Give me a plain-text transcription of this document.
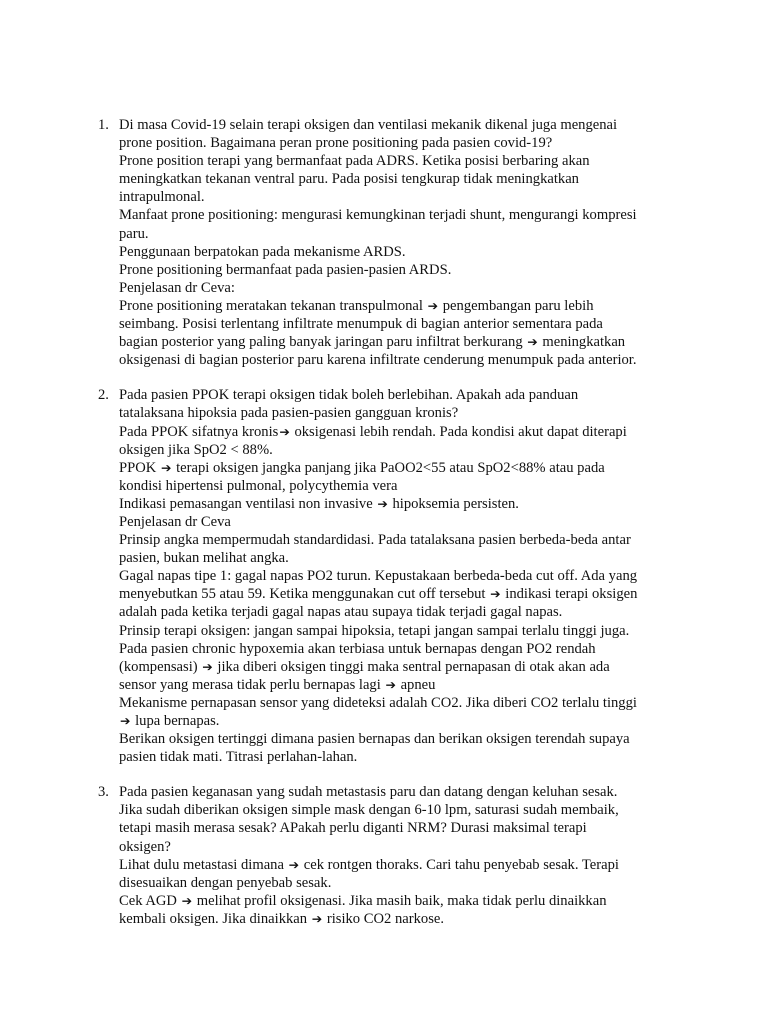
1. Di masa Covid-19 selain terapi oksigen dan ventilasi mekanik dikenal juga mengenai
prone position. Bagaimana peran prone positioning pada pasien covid-19?
Prone position terapi yang bermanfaat pada ADRS. Ketika posisi berbaring akan
meningkatkan tekanan ventral paru. Pada posisi tengkurap tidak meningkatkan
intrapulmonal.
Manfaat prone positioning: mengurasi kemungkinan terjadi shunt, mengurangi kompresi
paru.
Penggunaan berpatokan pada mekanisme ARDS.
Prone positioning bermanfaat pada pasien-pasien ARDS.
Penjelasan dr Ceva:
Prone positioning meratakan tekanan transpulmonal ➔ pengembangan paru lebih
seimbang. Posisi terlentang infiltrate menumpuk di bagian anterior sementara pada
bagian posterior yang paling banyak jaringan paru infiltrat berkurang ➔ meningkatkan
oksigenasi di bagian posterior paru karena infiltrate cenderung menumpuk pada anterior.
2. Pada pasien PPOK terapi oksigen tidak boleh berlebihan. Apakah ada panduan
tatalaksana hipoksia pada pasien-pasien gangguan kronis?
Pada PPOK sifatnya kronis➔ oksigenasi lebih rendah. Pada kondisi akut dapat diterapi
oksigen jika SpO2 < 88%.
PPOK ➔ terapi oksigen jangka panjang jika PaOO2<55 atau SpO2<88% atau pada
kondisi hipertensi pulmonal, polycythemia vera
Indikasi pemasangan ventilasi non invasive ➔ hipoksemia persisten.
Penjelasan dr Ceva
Prinsip angka mempermudah standardidasi. Pada tatalaksana pasien berbeda-beda antar
pasien, bukan melihat angka.
Gagal napas tipe 1: gagal napas PO2 turun. Kepustakaan berbeda-beda cut off. Ada yang
menyebutkan 55 atau 59. Ketika menggunakan cut off tersebut ➔ indikasi terapi oksigen
adalah pada ketika terjadi gagal napas atau supaya tidak terjadi gagal napas.
Prinsip terapi oksigen: jangan sampai hipoksia, tetapi jangan sampai terlalu tinggi juga.
Pada pasien chronic hypoxemia akan terbiasa untuk bernapas dengan PO2 rendah
(kompensasi) ➔ jika diberi oksigen tinggi maka sentral pernapasan di otak akan ada
sensor yang merasa tidak perlu bernapas lagi ➔ apneu
Mekanisme pernapasan sensor yang dideteksi adalah CO2. Jika diberi CO2 terlalu tinggi
➔ lupa bernapas.
Berikan oksigen tertinggi dimana pasien bernapas dan berikan oksigen terendah supaya
pasien tidak mati. Titrasi perlahan-lahan.
3. Pada pasien keganasan yang sudah metastasis paru dan datang dengan keluhan sesak.
Jika sudah diberikan oksigen simple mask dengan 6-10 lpm, saturasi sudah membaik,
tetapi masih merasa sesak? APakah perlu diganti NRM? Durasi maksimal terapi
oksigen?
Lihat dulu metastasi dimana ➔ cek rontgen thoraks. Cari tahu penyebab sesak. Terapi
disesuaikan dengan penyebab sesak.
Cek AGD ➔ melihat profil oksigenasi. Jika masih baik, maka tidak perlu dinaikkan
kembali oksigen. Jika dinaikkan ➔ risiko CO2 narkose.
